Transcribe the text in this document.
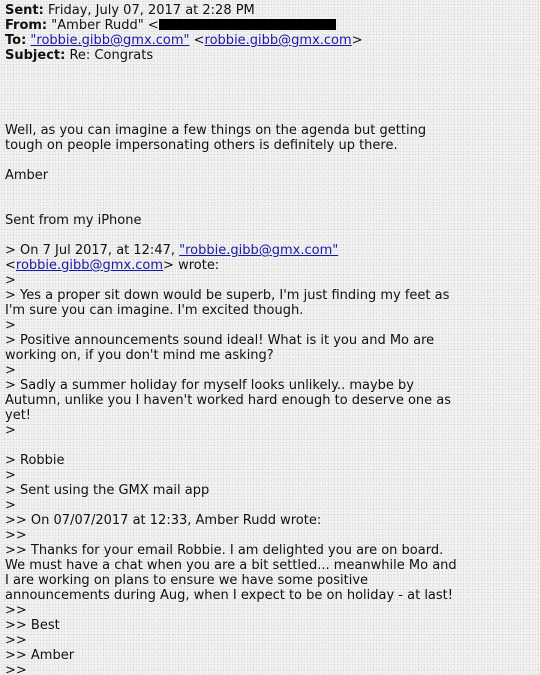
Sent: Friday, July 07, 2017 at 2:28 PM
From: "Amber Rudd" <
To: "robbie.gibb@gmx.com" <robbie.gibb@gmx.com>
Subject: Re: Congrats
Well, as you can imagine a few things on the agenda but getting
tough on people impersonating others is definitely up there.
Amber
Sent from my iPhone
> On 7 Jul 2017, at 12:47, "robbie.gibb@gmx.com"
<robbie.gibb@gmx.com> wrote:
>
> Yes a proper sit down would be superb, I'm just finding my feet as
I'm sure you can imagine. I'm excited though.
>
> Positive announcements sound ideal! What is it you and Mo are
working on, if you don't mind me asking?
>
> Sadly a summer holiday for myself looks unlikely.. maybe by
Autumn, unlike you I haven't worked hard enough to deserve one as
yet!
>
> Robbie
>
> Sent using the GMX mail app
>
>> On 07/07/2017 at 12:33, Amber Rudd wrote:
>>
>> Thanks for your email Robbie. I am delighted you are on board.
We must have a chat when you are a bit settled... meanwhile Mo and
I are working on plans to ensure we have some positive
announcements during Aug, when I expect to be on holiday - at last!
>>
>> Best
>>
>> Amber
>>
